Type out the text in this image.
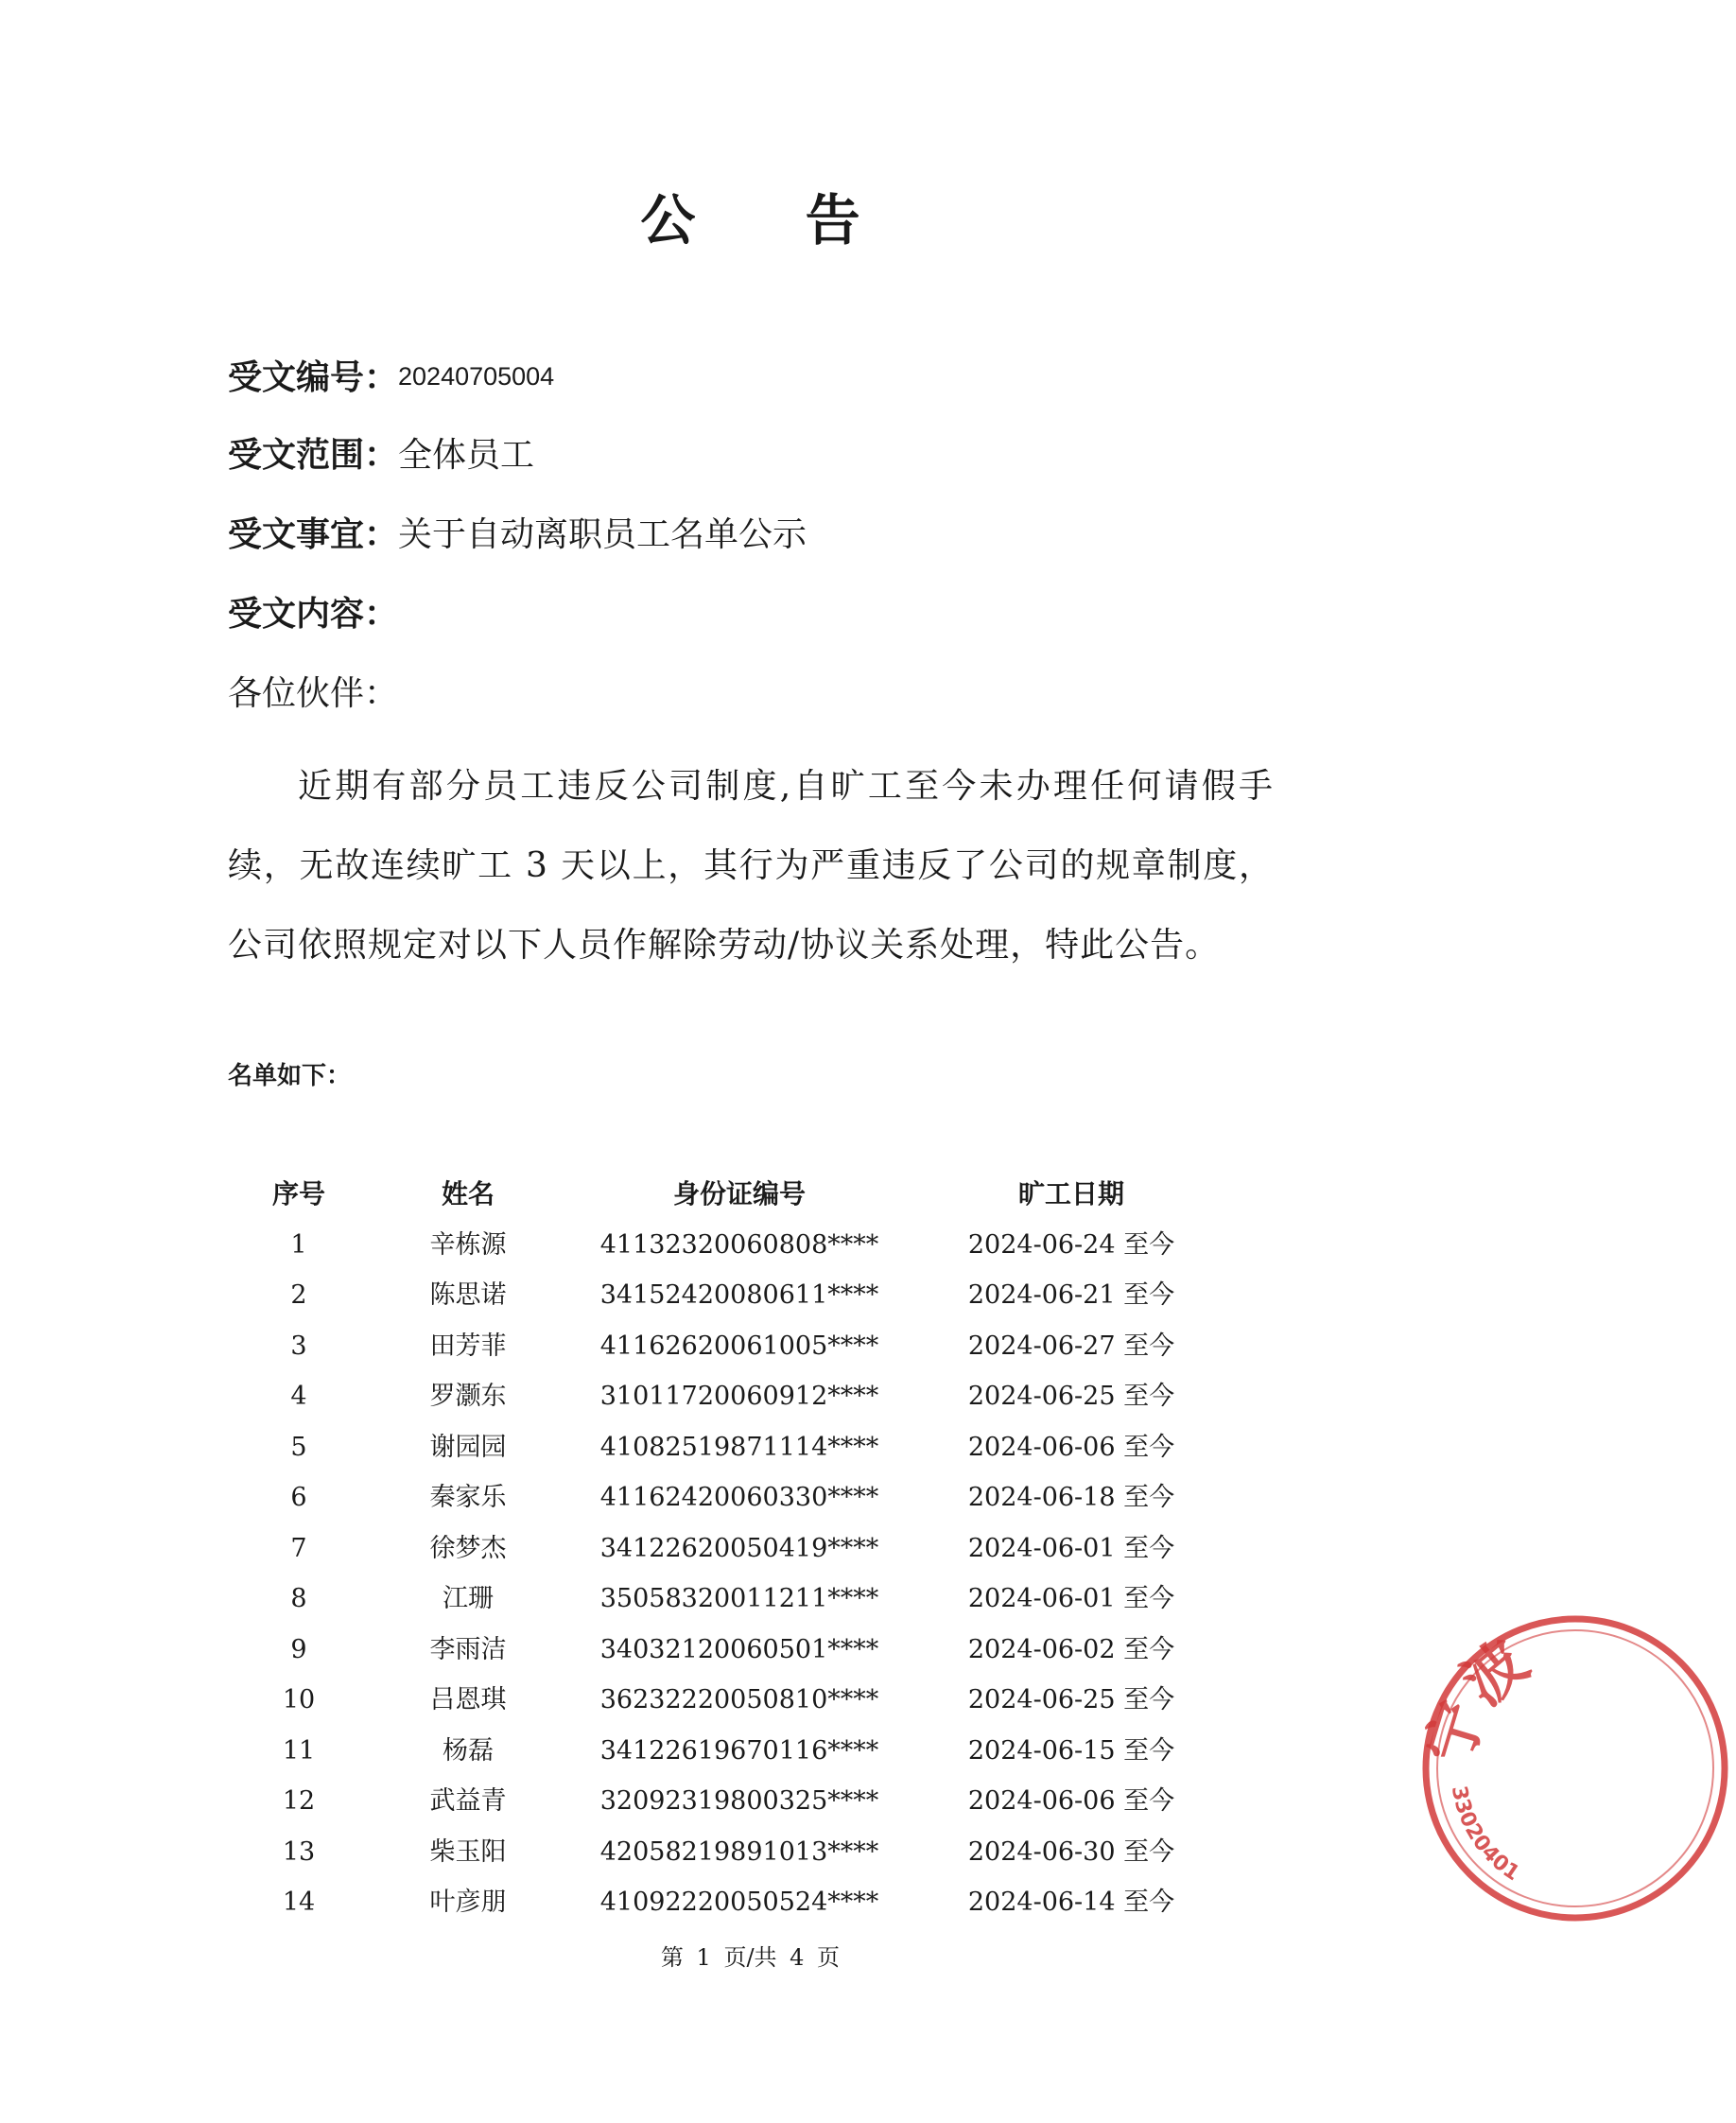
公 告
受文编号：20240705004
受文范围：全体员工
受文事宜：关于自动离职员工名单公示
受文内容：
各位伙伴：
近期有部分员工违反公司制度,自旷工至今未办理任何请假手续，无故连续旷工 3 天以上，其行为严重违反了公司的规章制度，公司依照规定对以下人员作解除劳动/协议关系处理，特此公告。
名单如下：
序号	姓名	身份证编号	旷工日期
1	辛栋源	41132320060808****	2024-06-24 至今
2	陈思诺	34152420080611****	2024-06-21 至今
3	田芳菲	41162620061005****	2024-06-27 至今
4	罗灏东	31011720060912****	2024-06-25 至今
5	谢园园	41082519871114****	2024-06-06 至今
6	秦家乐	41162420060330****	2024-06-18 至今
7	徐梦杰	34122620050419****	2024-06-01 至今
8	江珊	35058320011211****	2024-06-01 至今
9	李雨洁	34032120060501****	2024-06-02 至今
10	吕恩琪	36232220050810****	2024-06-25 至今
11	杨磊	34122619670116****	2024-06-15 至今
12	武益青	32092319800325****	2024-06-06 至今
13	柴玉阳	42058219891013****	2024-06-30 至今
14	叶彦朋	41092220050524****	2024-06-14 至今
第 1 页/共 4 页
宁波
33020401
